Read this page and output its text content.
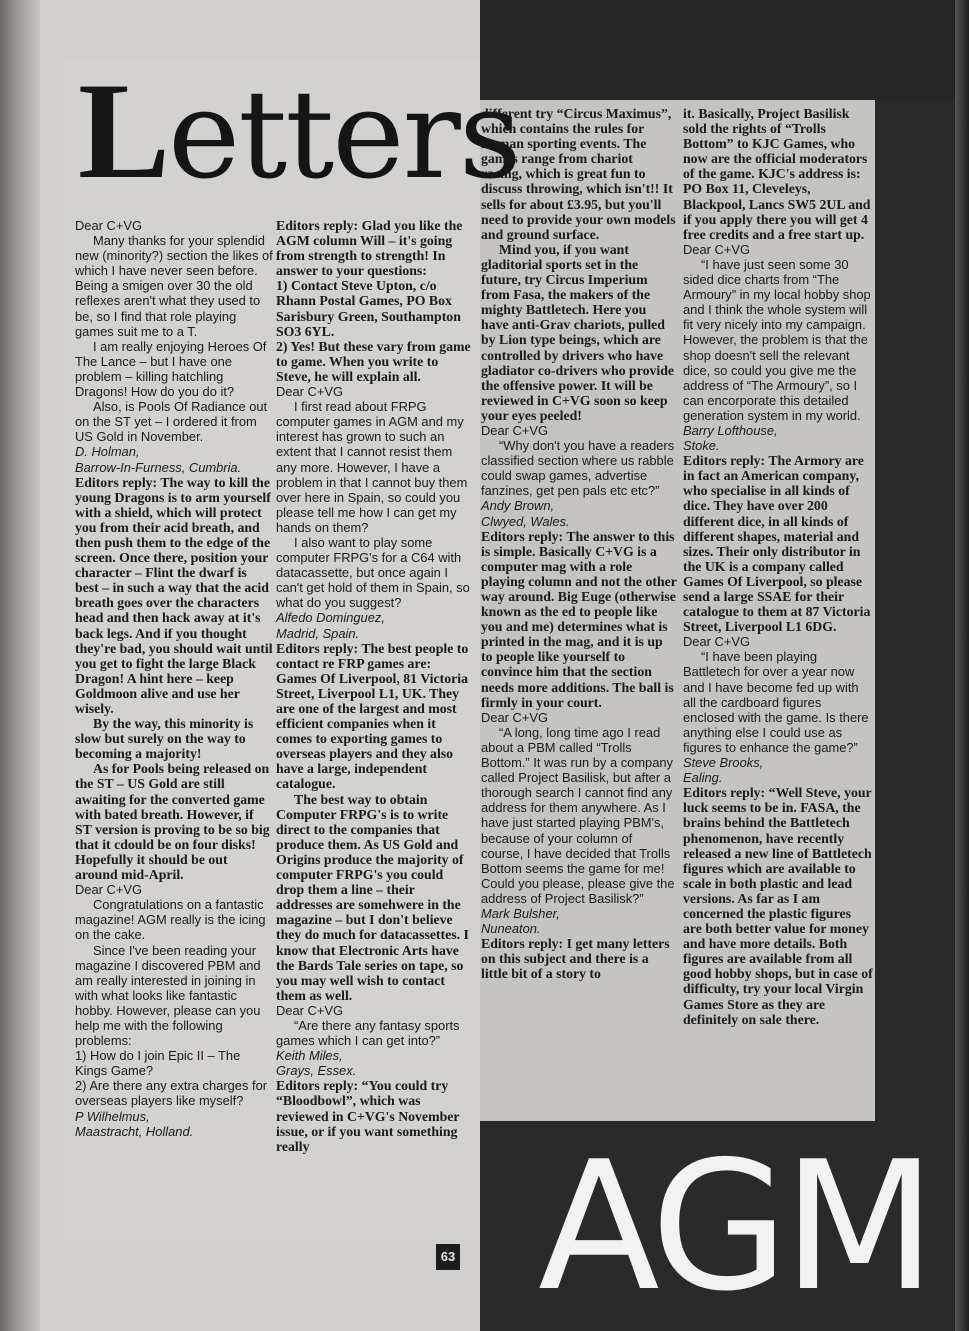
Letters

Dear C+VG

Many thanks for your splendid new (minority?) section the likes of which I have never seen before. Being a smigen over 30 the old reflexes aren't what they used to be, so I find that role playing games suit me to a T.

I am really enjoying Heroes Of The Lance – but I have one problem – killing hatchling Dragons! How do you do it?

Also, is Pools Of Radiance out on the ST yet – I ordered it from US Gold in November.

D. Holman,

Barrow-In-Furness, Cumbria.

Editors reply: The way to kill the young Dragons is to arm yourself with a shield, which will protect you from their acid breath, and then push them to the edge of the screen. Once there, position your character – Flint the dwarf is best – in such a way that the acid breath goes over the characters head and then hack away at it's back legs. And if you thought they're bad, you should wait until you get to fight the large Black Dragon! A hint here – keep Goldmoon alive and use her wisely.

By the way, this minority is slow but surely on the way to becoming a majority!

As for Pools being released on the ST – US Gold are still awaiting for the converted game with bated breath. However, if ST version is proving to be so big that it cdould be on four disks! Hopefully it should be out around mid-April.

Dear C+VG

Congratulations on a fantastic magazine! AGM really is the icing on the cake.

Since I've been reading your magazine I discovered PBM and am really interested in joining in with what looks like fantastic hobby. However, please can you help me with the following problems:

1) How do I join Epic II – The Kings Game?

2) Are there any extra charges for overseas players like myself?

P Wilhelmus,

Maastracht, Holland.

Editors reply: Glad you like the AGM column Will – it's going from strength to strength! In answer to your questions:

1) Contact Steve Upton, c/o Rhann Postal Games, PO Box Sarisbury Green, Southampton SO3 6YL.

2) Yes! But these vary from game to game. When you write to Steve, he will explain all.

Dear C+VG

I first read about FRPG computer games in AGM and my interest has grown to such an extent that I cannot resist them any more. However, I have a problem in that I cannot buy them over here in Spain, so could you please tell me how I can get my hands on them?

I also want to play some computer FRPG's for a C64 with datacassette, but once again I can't get hold of them in Spain, so what do you suggest?

Alfedo Dominguez,

Madrid, Spain.

Editors reply: The best people to contact re FRP games are: Games Of Liverpool, 81 Victoria Street, Liverpool L1, UK. They are one of the largest and most efficient companies when it comes to exporting games to overseas players and they also have a large, independent catalogue.

The best way to obtain Computer FRPG's is to write direct to the companies that produce them. As US Gold and Origins produce the majority of computer FRPG's you could drop them a line – their addresses are somehwere in the magazine – but I don't believe they do much for datacassettes. I know that Electronic Arts have the Bards Tale series on tape, so you may well wish to contact them as well.

Dear C+VG

“Are there any fantasy sports games which I can get into?”

Keith Miles,

Grays, Essex.

Editors reply: “You could try “Bloodbowl”, which was reviewed in C+VG's November issue, or if you want something really

different try “Circus Maximus”, which contains the rules for Roman sporting events. The games range from chariot racing, which is great fun to discuss throwing, which isn't!! It sells for about £3.95, but you'll need to provide your own models and ground surface.

Mind you, if you want gladitorial sports set in the future, try Circus Imperium from Fasa, the makers of the mighty Battletech. Here you have anti-Grav chariots, pulled by Lion type beings, which are controlled by drivers who have gladiator co-drivers who provide the offensive power. It will be reviewed in C+VG soon so keep your eyes peeled!

Dear C+VG

“Why don't you have a readers classified section where us rabble could swap games, advertise fanzines, get pen pals etc etc?”

Andy Brown,

Clwyed, Wales.

Editors reply: The answer to this is simple. Basically C+VG is a computer mag with a role playing column and not the other way around. Big Euge (otherwise known as the ed to people like you and me) determines what is printed in the mag, and it is up to people like yourself to convince him that the section needs more additions. The ball is firmly in your court.

Dear C+VG

“A long, long time ago I read about a PBM called “Trolls Bottom.” It was run by a company called Project Basilisk, but after a thorough search I cannot find any address for them anywhere. As I have just started playing PBM's, because of your column of course, I have decided that Trolls Bottom seems the game for me! Could you please, please give the address of Project Basilisk?”

Mark Bulsher,

Nuneaton.

Editors reply: I get many letters on this subject and there is a little bit of a story to

it. Basically, Project Basilisk sold the rights of “Trolls Bottom” to KJC Games, who now are the official moderators of the game. KJC's address is: PO Box 11, Cleveleys, Blackpool, Lancs SW5 2UL and if you apply there you will get 4 free credits and a free start up.

Dear C+VG

“I have just seen some 30 sided dice charts from “The Armoury” in my local hobby shop and I think the whole system will fit very nicely into my campaign. However, the problem is that the shop doesn't sell the relevant dice, so could you give me the address of “The Armoury”, so I can encorporate this detailed generation system in my world.

Barry Lofthouse,

Stoke.

Editors reply: The Armory are in fact an American company, who specialise in all kinds of dice. They have over 200 different dice, in all kinds of different shapes, material and sizes. Their only distributor in the UK is a company called Games Of Liverpool, so please send a large SSAE for their catalogue to them at 87 Victoria Street, Liverpool L1 6DG.

Dear C+VG

“I have been playing Battletech for over a year now and I have become fed up with all the cardboard figures enclosed with the game. Is there anything else I could use as figures to enhance the game?”

Steve Brooks,

Ealing.

Editors reply: “Well Steve, your luck seems to be in. FASA, the brains behind the Battletech phenomenon, have recently released a new line of Battletech figures which are available to scale in both plastic and lead versions. As far as I am concerned the plastic figures are both better value for money and have more details. Both figures are available from all good hobby shops, but in case of difficulty, try your local Virgin Games Store as they are definitely on sale there.

63 AGM
